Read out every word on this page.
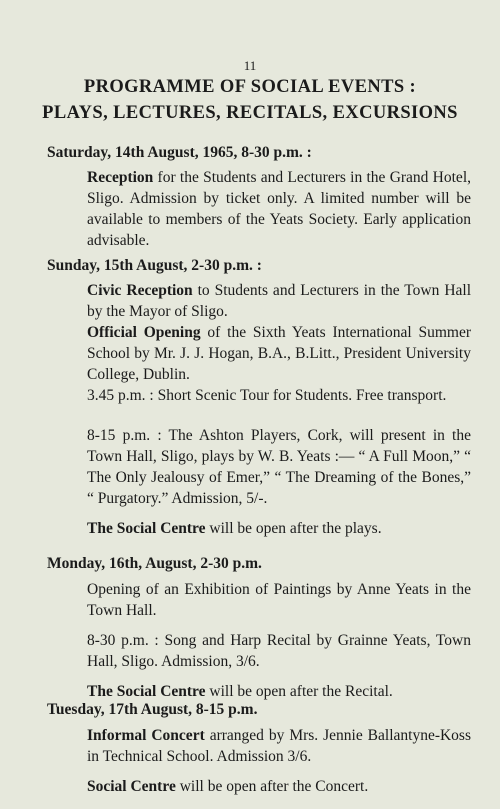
11
PROGRAMME OF SOCIAL EVENTS :
PLAYS, LECTURES, RECITALS, EXCURSIONS
Saturday, 14th August, 1965, 8-30 p.m. :

Reception for the Students and Lecturers in the Grand Hotel, Sligo. Admission by ticket only. A limited number will be available to members of the Yeats Society. Early application advisable.

Sunday, 15th August, 2-30 p.m. :

Civic Reception to Students and Lecturers in the Town Hall by the Mayor of Sligo.

Official Opening of the Sixth Yeats International Summer School by Mr. J. J. Hogan, B.A., B.Litt., President University College, Dublin.

3.45 p.m. : Short Scenic Tour for Students. Free transport.

8-15 p.m. : The Ashton Players, Cork, will present in the Town Hall, Sligo, plays by W. B. Yeats :— “ A Full Moon,” “ The Only Jealousy of Emer,” “ The Dreaming of the Bones,” “ Purgatory.” Admission, 5/-.

The Social Centre will be open after the plays.

Monday, 16th, August, 2-30 p.m.

Opening of an Exhibition of Paintings by Anne Yeats in the Town Hall.

8-30 p.m. : Song and Harp Recital by Grainne Yeats, Town Hall, Sligo. Admission, 3/6.

The Social Centre will be open after the Recital.

Tuesday, 17th August, 8-15 p.m.

Informal Concert arranged by Mrs. Jennie Ballantyne-Koss in Technical School. Admission 3/6.

Social Centre will be open after the Concert.
